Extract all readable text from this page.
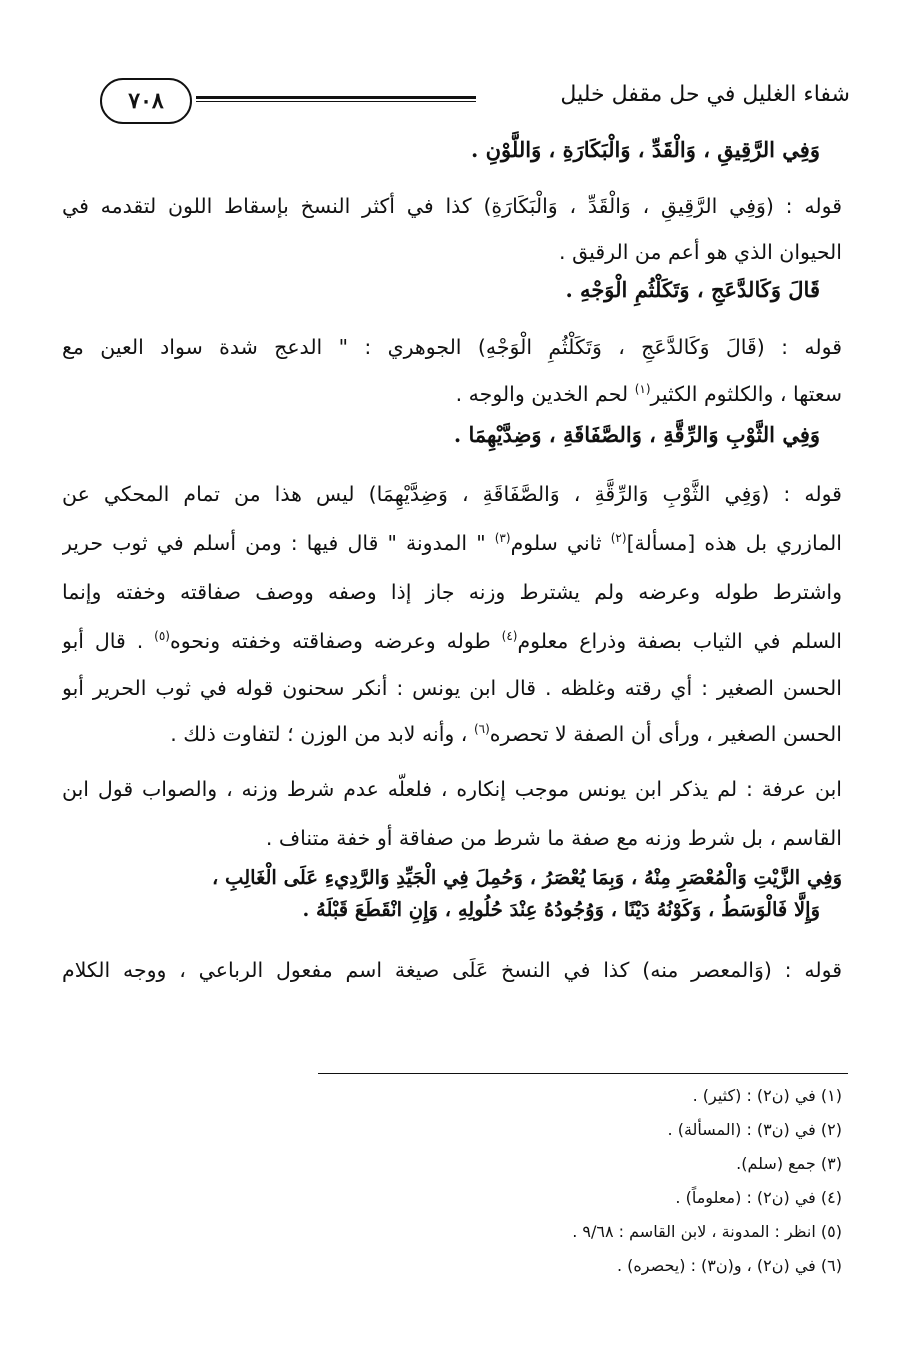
٧٠٨	شفاء الغليل في حل مقفل خليل
وَفِي الرَّقِيقِ ، وَالْقَدِّ ، وَالْبَكَارَةِ ، وَاللَّوْنِ .
قوله : (وَفِي الرَّقِيقِ ، وَالْقَدِّ ، وَالْبَكَارَةِ) كذا في أكثر النسخ بإسقاط اللون لتقدمه في
الحيوان الذي هو أعم من الرقيق .
قَالَ وَكَالدَّعَجِ ، وَتَكَلْثُمِ الْوَجْهِ .
قوله : (قَالَ وَكَالدَّعَجِ ، وَتَكَلْثُمِ الْوَجْهِ) الجوهري : " الدعج شدة سواد العين مع
سعتها ، والكلثوم الكثير$^{(١)}$ لحم الخدين والوجه .
وَفِي الثَّوْبِ وَالرِّقَّةِ ، وَالصَّفَاقَةِ ، وَضِدَّيْهِمَا .
قوله : (وَفِي الثَّوْبِ وَالرِّقَّةِ ، وَالصَّفَاقَةِ ، وَضِدَّيْهِمَا) ليس هذا من تمام المحكي عن
المازري بل هذه [مسألة]$^{(٢)}$ ثاني سلوم$^{(٣)}$ " المدونة " قال فيها : ومن أسلم في ثوب حرير
واشترط طوله وعرضه ولم يشترط وزنه جاز إذا وصفه ووصف صفاقته وخفته وإنما
السلم في الثياب بصفة وذراع معلوم$^{(٤)}$ طوله وعرضه وصفاقته وخفته ونحوه$^{(٥)}$ . قال أبو
الحسن الصغير : أي رقته وغلظه . قال ابن يونس : أنكر سحنون قوله في ثوب الحرير أبو
الحسن الصغير ، ورأى أن الصفة لا تحصره$^{(٦)}$ ، وأنه لابد من الوزن ؛ لتفاوت ذلك .
ابن عرفة : لم يذكر ابن يونس موجب إنكاره ، فلعلّه عدم شرط وزنه ، والصواب قول ابن
القاسم ، بل شرط وزنه مع صفة ما شرط من صفاقة أو خفة متناف .
وَفِي الزَّيْتِ وَالْمُعْصَرِ مِنْهُ ، وَبِمَا يُعْصَرُ ، وَحُمِلَ فِي الْجَيِّدِ وَالرَّدِيءِ عَلَى الْغَالِبِ ،
وَإِلَّا فَالْوَسَطُ ، وَكَوْنُهُ دَيْنًا ، وَوُجُودُهُ عِنْدَ حُلُولِهِ ، وَإِنِ انْقَطَعَ قَبْلَهُ .
قوله : (وَالمعصر منه) كذا في النسخ عَلَى صيغة اسم مفعول الرباعي ، ووجه الكلام
(١) في (ن٢) : (كثير) .
(٢) في (ن٣) : (المسألة) .
(٣) جمع (سلم).
(٤) في (ن٢) : (معلوماً) .
(٥) انظر : المدونة ، لابن القاسم : ٩/٦٨ .
(٦) في (ن٢) ، و(ن٣) : (يحصره) .
